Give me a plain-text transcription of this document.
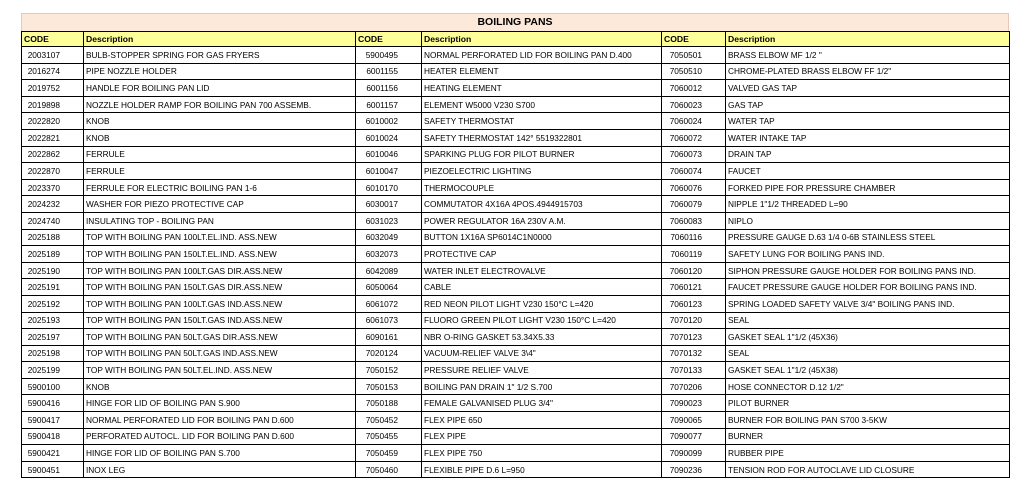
BOILING PANS
CODE	Description	CODE	Description	CODE	Description
2003107	BULB-STOPPER SPRING FOR GAS FRYERS	5900495	NORMAL PERFORATED LID FOR BOILING PAN D.400	7050501	BRASS ELBOW MF 1/2 "
2016274	PIPE NOZZLE HOLDER	6001155	HEATER ELEMENT	7050510	CHROME-PLATED BRASS ELBOW FF 1/2"
2019752	HANDLE FOR BOILING PAN LID	6001156	HEATING ELEMENT	7060012	VALVED GAS TAP
2019898	NOZZLE HOLDER RAMP FOR BOILING PAN 700 ASSEMB.	6001157	ELEMENT W5000 V230 S700	7060023	GAS TAP
2022820	KNOB	6010002	SAFETY THERMOSTAT	7060024	WATER TAP
2022821	KNOB	6010024	SAFETY THERMOSTAT 142° 5519322801	7060072	WATER INTAKE TAP
2022862	FERRULE	6010046	SPARKING PLUG FOR PILOT BURNER	7060073	DRAIN TAP
2022870	FERRULE	6010047	PIEZOELECTRIC LIGHTING	7060074	FAUCET
2023370	FERRULE FOR ELECTRIC BOILING PAN 1-6	6010170	THERMOCOUPLE	7060076	FORKED PIPE FOR PRESSURE CHAMBER
2024232	WASHER FOR PIEZO PROTECTIVE CAP	6030017	COMMUTATOR 4X16A 4POS.4944915703	7060079	NIPPLE 1"1/2 THREADED L=90
2024740	INSULATING TOP - BOILING PAN	6031023	POWER REGULATOR 16A 230V A.M.	7060083	NIPLO
2025188	TOP WITH BOILING PAN 100LT.EL.IND. ASS.NEW	6032049	BUTTON 1X16A SP6014C1N0000	7060116	PRESSURE GAUGE D.63 1/4 0-6B STAINLESS STEEL
2025189	TOP WITH BOILING PAN 150LT.EL.IND. ASS.NEW	6032073	PROTECTIVE CAP	7060119	SAFETY LUNG FOR BOILING PANS IND.
2025190	TOP WITH BOILING PAN 100LT.GAS DIR.ASS.NEW	6042089	WATER INLET ELECTROVALVE	7060120	SIPHON PRESSURE GAUGE HOLDER FOR BOILING PANS IND.
2025191	TOP WITH BOILING PAN 150LT.GAS DIR.ASS.NEW	6050064	CABLE	7060121	FAUCET PRESSURE GAUGE HOLDER FOR BOILING PANS IND.
2025192	TOP WITH BOILING PAN 100LT.GAS IND.ASS.NEW	6061072	RED NEON PILOT LIGHT V230 150°C L=420	7060123	SPRING LOADED SAFETY VALVE 3/4" BOILING PANS IND.
2025193	TOP WITH BOILING PAN 150LT.GAS IND.ASS.NEW	6061073	FLUORO GREEN PILOT LIGHT V230 150°C L=420	7070120	SEAL
2025197	TOP WITH BOILING PAN 50LT.GAS DIR.ASS.NEW	6090161	NBR O-RING GASKET 53.34X5.33	7070123	GASKET SEAL 1"1/2 (45X36)
2025198	TOP WITH BOILING PAN 50LT.GAS IND.ASS.NEW	7020124	VACUUM-RELIEF VALVE 3\4"	7070132	SEAL
2025199	TOP WITH BOILING PAN 50LT.EL.IND. ASS.NEW	7050152	PRESSURE RELIEF VALVE	7070133	GASKET SEAL 1"1/2 (45X38)
5900100	KNOB	7050153	BOILING PAN DRAIN 1" 1/2 S.700	7070206	HOSE CONNECTOR D.12 1/2"
5900416	HINGE FOR LID OF BOILING PAN S.900	7050188	FEMALE GALVANISED PLUG 3/4"	7090023	PILOT BURNER
5900417	NORMAL PERFORATED LID FOR BOILING PAN D.600	7050452	FLEX PIPE 650	7090065	BURNER FOR BOILING PAN S700 3-5KW
5900418	PERFORATED AUTOCL. LID FOR BOILING PAN D.600	7050455	FLEX PIPE	7090077	BURNER
5900421	HINGE FOR LID OF BOILING PAN S.700	7050459	FLEX PIPE 750	7090099	RUBBER PIPE
5900451	INOX LEG	7050460	FLEXIBLE PIPE D.6 L=950	7090236	TENSION ROD FOR AUTOCLAVE LID CLOSURE
